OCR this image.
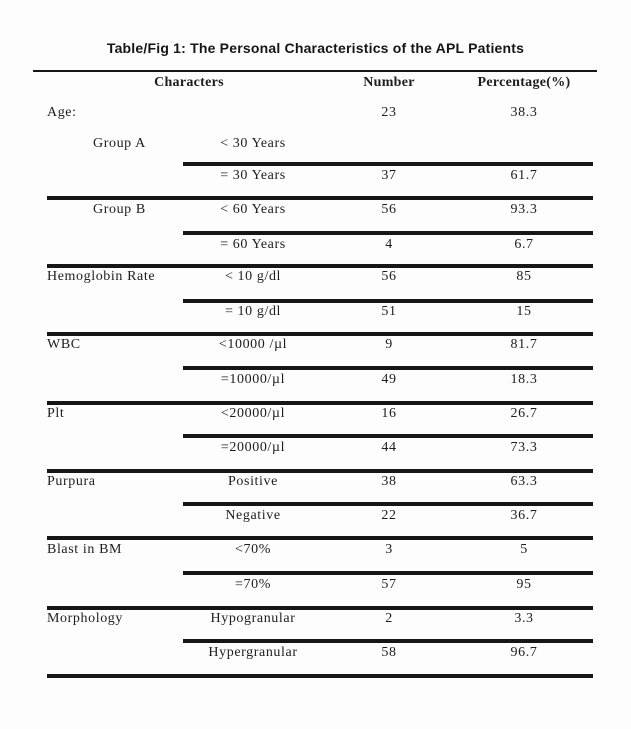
Table/Fig 1: The Personal Characteristics of the APL Patients
Characters	Number	Percentage(%)
Age:	23	38.3
Group A	< 30 Years
= 30 Years	37	61.7
Group B	< 60 Years	56	93.3
= 60 Years	4	6.7
Hemoglobin Rate	< 10 g/dl	56	85
= 10 g/dl	51	15
WBC	<10000 /µl	9	81.7
=10000/µl	49	18.3
Plt	<20000/µl	16	26.7
=20000/µl	44	73.3
Purpura	Positive	38	63.3
Negative	22	36.7
Blast in BM	<70%	3	5
=70%	57	95
Morphology	Hypogranular	2	3.3
Hypergranular	58	96.7
